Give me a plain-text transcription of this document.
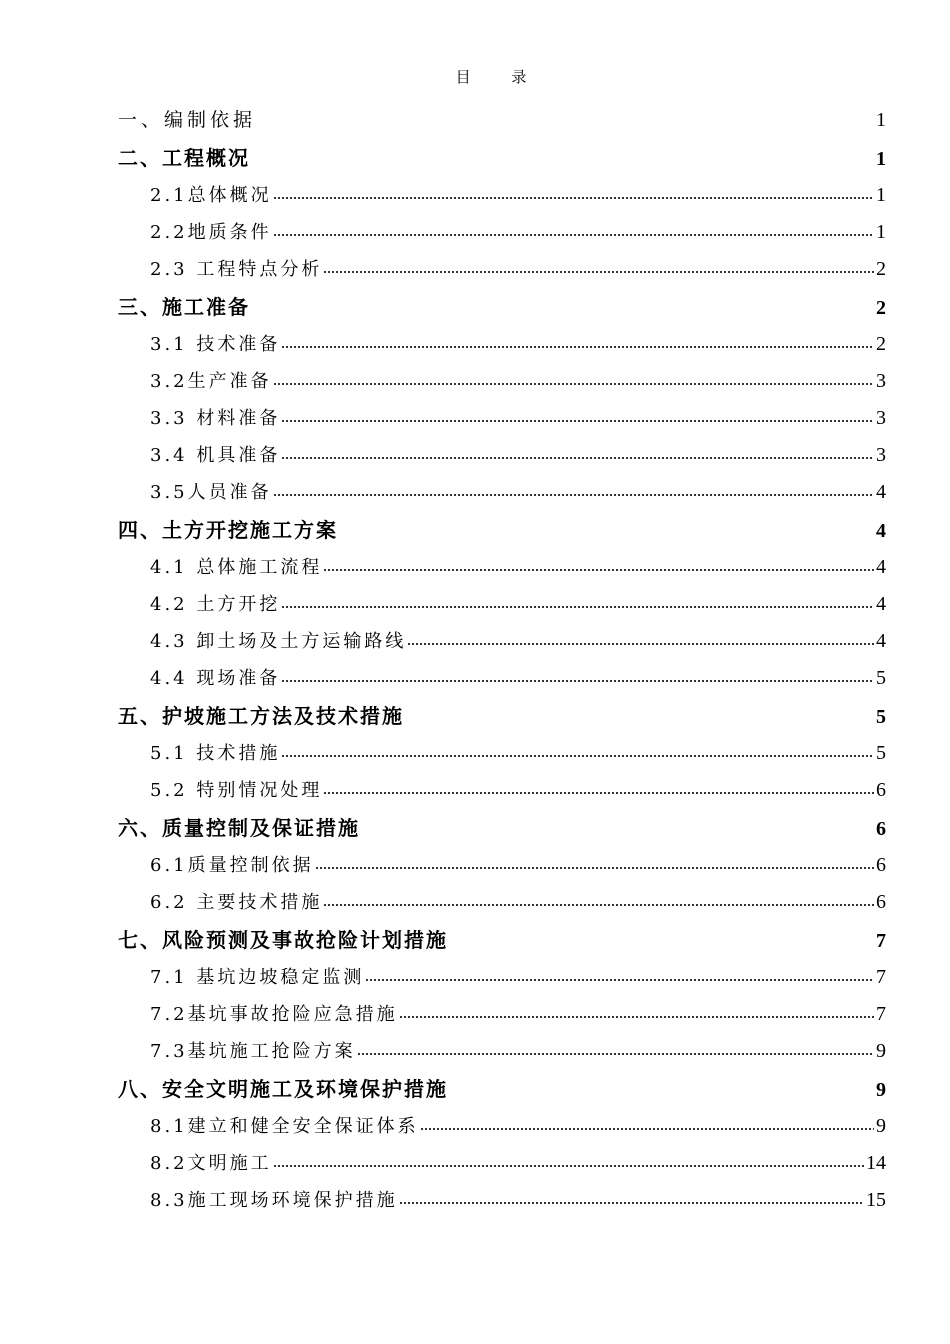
目 录
一、编制依据	1
二、工程概况	1
2.1总体概况	1
2.2地质条件	1
2.3 工程特点分析	2
三、施工准备	2
3.1 技术准备	2
3.2生产准备	3
3.3 材料准备	3
3.4 机具准备	3
3.5人员准备	4
四、土方开挖施工方案	4
4.1 总体施工流程	4
4.2 土方开挖	4
4.3 卸土场及土方运输路线	4
4.4 现场准备	5
五、护坡施工方法及技术措施	5
5.1 技术措施	5
5.2 特别情况处理	6
六、质量控制及保证措施	6
6.1质量控制依据	6
6.2 主要技术措施	6
七、风险预测及事故抢险计划措施	7
7.1 基坑边坡稳定监测	7
7.2基坑事故抢险应急措施	7
7.3基坑施工抢险方案	9
八、安全文明施工及环境保护措施	9
8.1建立和健全安全保证体系	9
8.2文明施工	14
8.3施工现场环境保护措施	15
